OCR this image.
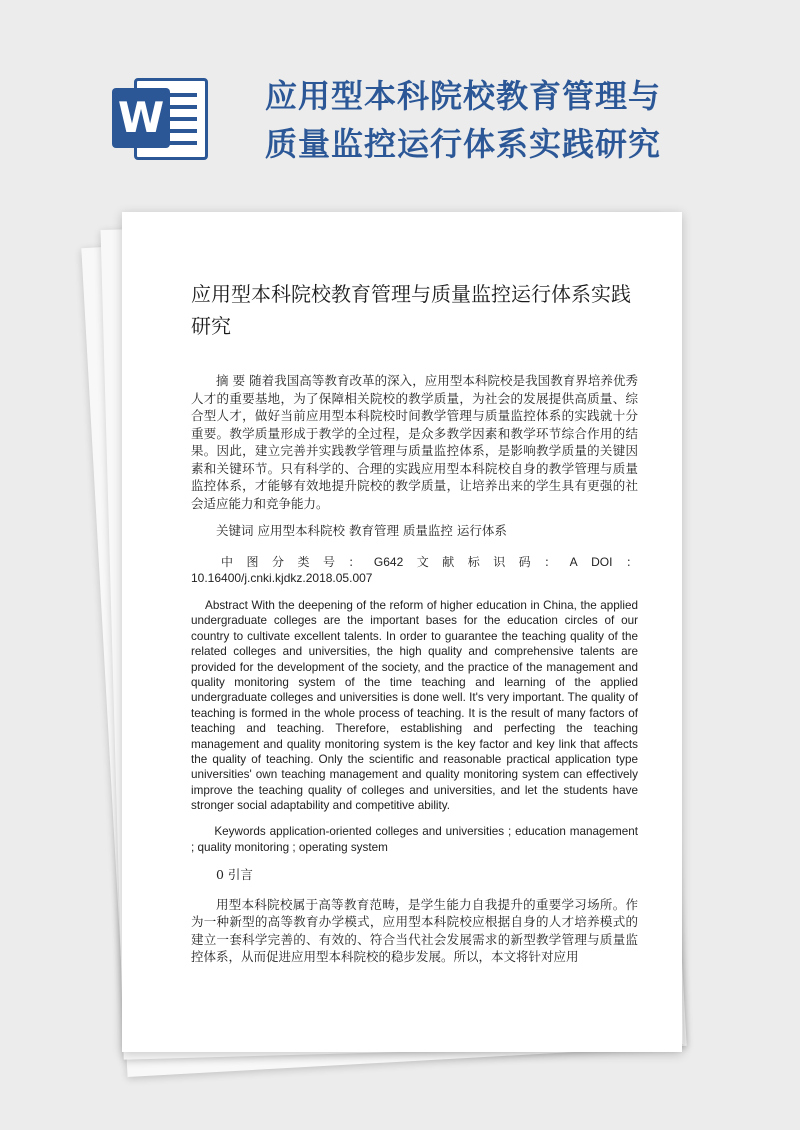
W	应用型本科院校教育管理与质量监控运行体系实践研究
应用型本科院校教育管理与质量监控运行体系实践研究

摘 要 随着我国高等教育改革的深入，应用型本科院校是我国教育界培养优秀人才的重要基地，为了保障相关院校的教学质量，为社会的发展提供高质量、综合型人才，做好当前应用型本科院校时间教学管理与质量监控体系的实践就十分重要。教学质量形成于教学的全过程，是众多教学因素和教学环节综合作用的结果。因此，建立完善并实践教学管理与质量监控体系，是影响教学质量的关键因素和关键环节。只有科学的、合理的实践应用型本科院校自身的教学管理与质量监控体系，才能够有效地提升院校的教学质量，让培养出来的学生具有更强的社会适应能力和竞争能力。

关键词 应用型本科院校 教育管理 质量监控 运行体系

中 图 分 类 号 ： G642 文 献 标 识 码 ： A DOI ：
10.16400/j.cnki.kjdkz.2018.05.007

Abstract With the deepening of the reform of higher education in China, the applied undergraduate colleges are the important bases for the education circles of our country to cultivate excellent talents. In order to guarantee the teaching quality of the related colleges and universities, the high quality and comprehensive talents are provided for the development of the society, and the practice of the management and quality monitoring system of the time teaching and learning of the applied undergraduate colleges and universities is done well. It's very important. The quality of teaching is formed in the whole process of teaching. It is the result of many factors of teaching and teaching. Therefore, establishing and perfecting the teaching management and quality monitoring system is the key factor and key link that affects the quality of teaching. Only the scientific and reasonable practical application type universities' own teaching management and quality monitoring system can effectively improve the teaching quality of colleges and universities, and let the students have stronger social adaptability and competitive ability.

Keywords application-oriented colleges and universities ; education management ; quality monitoring ; operating system

0 引言

用型本科院校属于高等教育范畴，是学生能力自我提升的重要学习场所。作为一种新型的高等教育办学模式，应用型本科院校应根据自身的人才培养模式的建立一套科学完善的、有效的、符合当代社会发展需求的新型教学管理与质量监控体系，从而促进应用型本科院校的稳步发展。所以，本文将针对应用
